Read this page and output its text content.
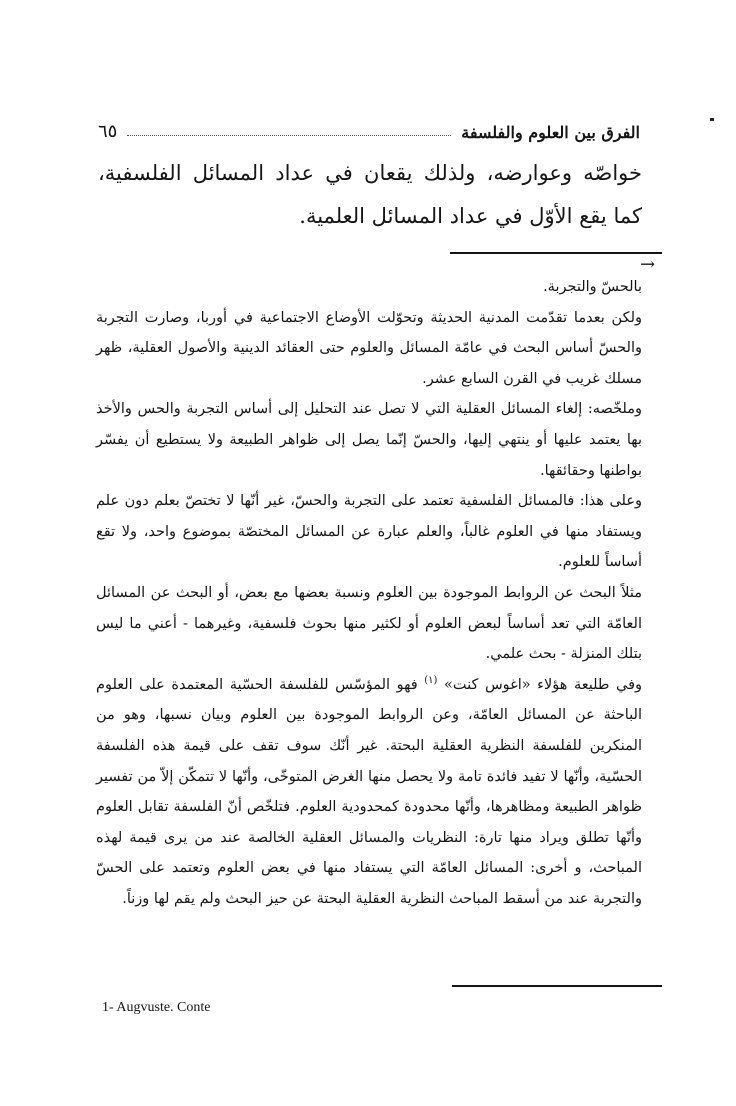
الفرق بين العلوم والفلسفة
٦٥
خواصّه وعوارضه، ولذلك يقعان في عداد المسائل الفلسفية، كما يقع الأوّل في عداد المسائل العلمية.
→

بالحسّ والتجربة.

ولكن بعدما تقدّمت المدنية الحديثة وتحوّلت الأوضاع الاجتماعية في أوربا، وصارت التجربة والحسّ أساس البحث في عامّة المسائل والعلوم حتى العقائد الدينية والأصول العقلية، ظهر مسلك غريب في القرن السابع عشر.

وملخّصه: إلغاء المسائل العقلية التي لا تصل عند التحليل إلى أساس التجربة والحس والأخذ بها يعتمد عليها أو ينتهي إليها، والحسّ إنّما يصل إلى ظواهر الطبيعة ولا يستطيع أن يفسّر بواطنها وحقائقها.

وعلى هذا: فالمسائل الفلسفية تعتمد على التجربة والحسّ، غير أنّها لا تختصّ بعلم دون علم ويستفاد منها في العلوم غالباً، والعلم عبارة عن المسائل المختصّة بموضوع واحد، ولا تقع أساساً للعلوم.

مثلاً البحث عن الروابط الموجودة بين العلوم ونسبة بعضها مع بعض، أو البحث عن المسائل العامّة التي تعد أساساً لبعض العلوم أو لكثير منها بحوث فلسفية، وغيرهما - أعني ما ليس بتلك المنزلة - بحث علمي.

وفي طليعة هؤلاء «اغوس كنت» $^{(١)}$ فهو المؤسّس للفلسفة الحسّية المعتمدة على العلوم الباحثة عن المسائل العامّة، وعن الروابط الموجودة بين العلوم وبيان نسبها، وهو من المنكرين للفلسفة النظرية العقلية البحتة. غير أنّك سوف تقف على قيمة هذه الفلسفة الحسّية، وأنّها لا تفيد فائدة تامة ولا يحصل منها الغرض المتوخّى، وأنّها لا تتمكّن إلاّ من تفسير ظواهر الطبيعة ومظاهرها، وأنّها محدودة كمحدودية العلوم. فتلخّص أنّ الفلسفة تقابل العلوم وأنّها تطلق ويراد منها تارة: النظريات والمسائل العقلية الخالصة عند من يرى قيمة لهذه المباحث، و أخرى: المسائل العامّة التي يستفاد منها في بعض العلوم وتعتمد على الحسّ والتجربة عند من أسقط المباحث النظرية العقلية البحتة عن حيز البحث ولم يقم لها وزناً.

1- Augvuste. Conte
